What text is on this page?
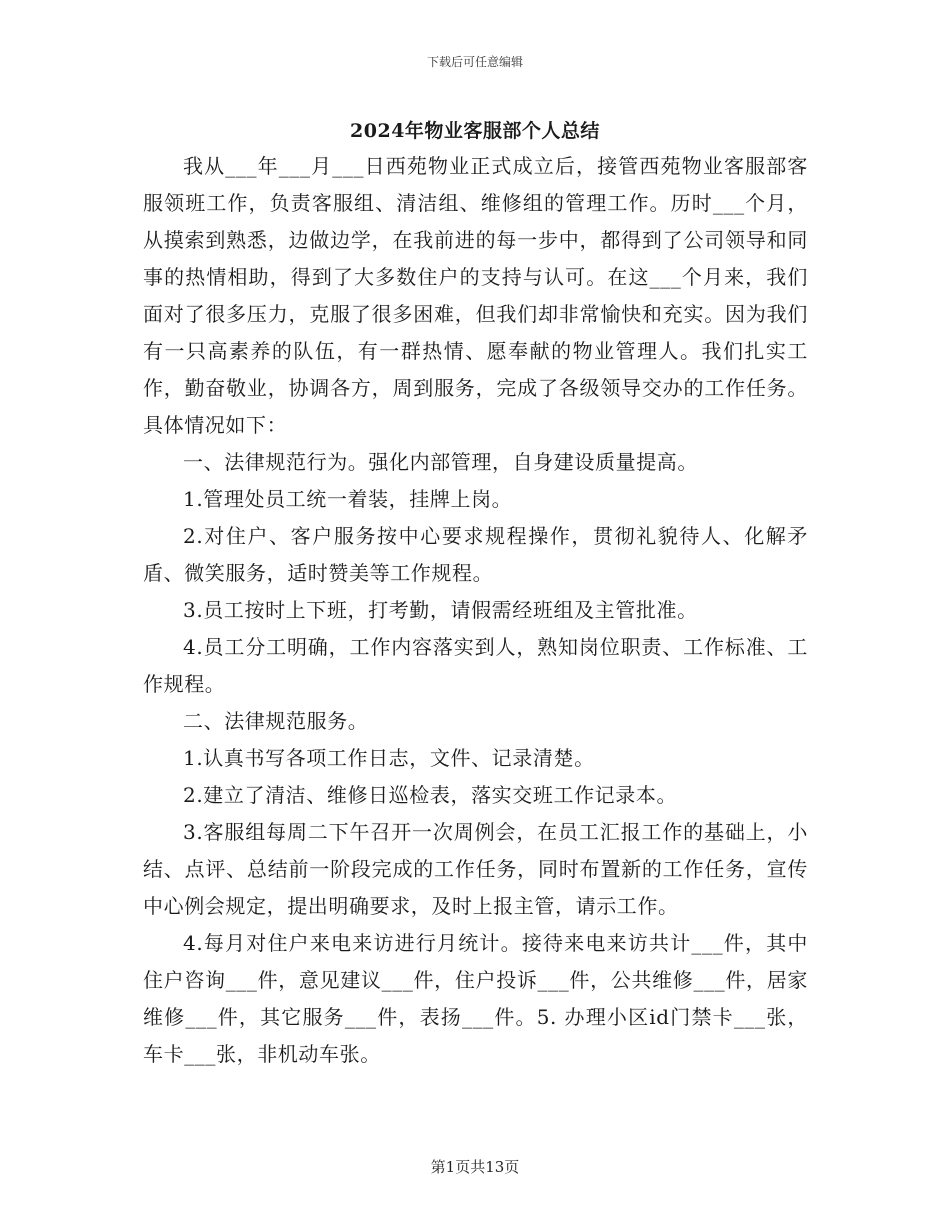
下载后可任意编辑
2024年物业客服部个人总结

我从___年___月___日西苑物业正式成立后，接管西苑物业客服部客服领班工作，负责客服组、清洁组、维修组的管理工作。历时___个月，从摸索到熟悉，边做边学，在我前进的每一步中，都得到了公司领导和同事的热情相助，得到了大多数住户的支持与认可。在这___个月来，我们面对了很多压力，克服了很多困难，但我们却非常愉快和充实。因为我们有一只高素养的队伍，有一群热情、愿奉献的物业管理人。我们扎实工作，勤奋敬业，协调各方，周到服务，完成了各级领导交办的工作任务。具体情况如下：

一、法律规范行为。强化内部管理，自身建设质量提高。

1.管理处员工统一着装，挂牌上岗。

2.对住户、客户服务按中心要求规程操作，贯彻礼貌待人、化解矛盾、微笑服务，适时赞美等工作规程。

3.员工按时上下班，打考勤，请假需经班组及主管批准。

4.员工分工明确，工作内容落实到人，熟知岗位职责、工作标准、工作规程。

二、法律规范服务。

1.认真书写各项工作日志，文件、记录清楚。

2.建立了清洁、维修日巡检表，落实交班工作记录本。

3.客服组每周二下午召开一次周例会，在员工汇报工作的基础上，小结、点评、总结前一阶段完成的工作任务，同时布置新的工作任务，宣传中心例会规定，提出明确要求，及时上报主管，请示工作。

4.每月对住户来电来访进行月统计。接待来电来访共计___件，其中住户咨询___件，意见建议___件，住户投诉___件，公共维修___件，居家维修___件，其它服务___件，表扬___件。5. 办理小区id门禁卡___张，车卡___张，非机动车张。

第1页共13页
